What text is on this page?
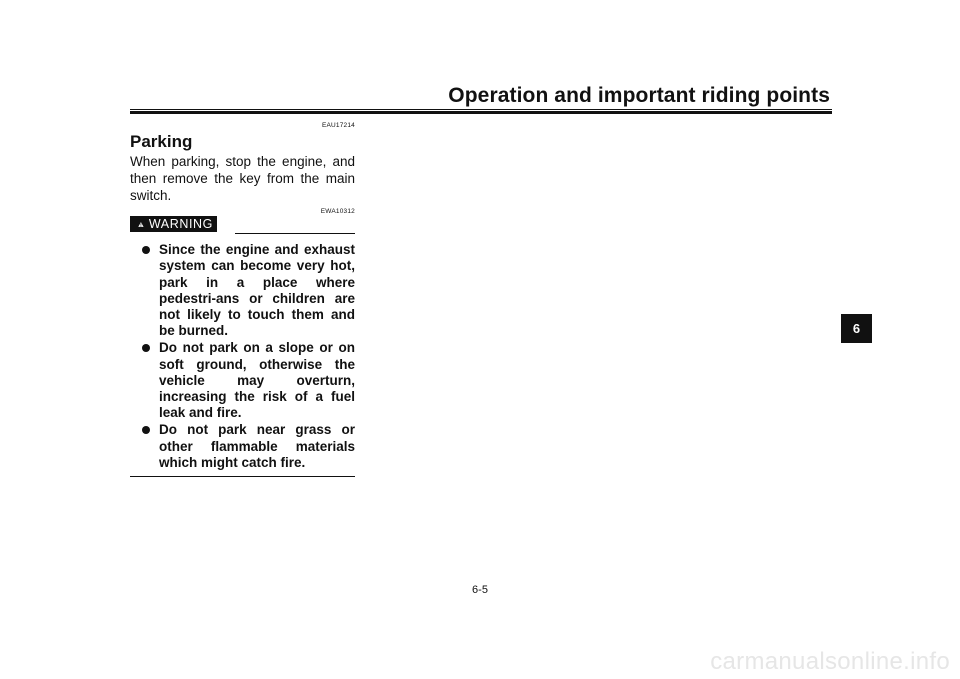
Operation and important riding points
EAU17214
Parking

When parking, stop the engine, and then remove the key from the main switch.

EWA10312
WARNING
Since the engine and exhaust system can become very hot, park in a place where pedestri-ans or children are not likely to touch them and be burned.
Do not park on a slope or on soft ground, otherwise the vehicle may overturn, increasing the risk of a fuel leak and fire.
Do not park near grass or other flammable materials which might catch fire.
6
6-5
carmanualsonline.info
